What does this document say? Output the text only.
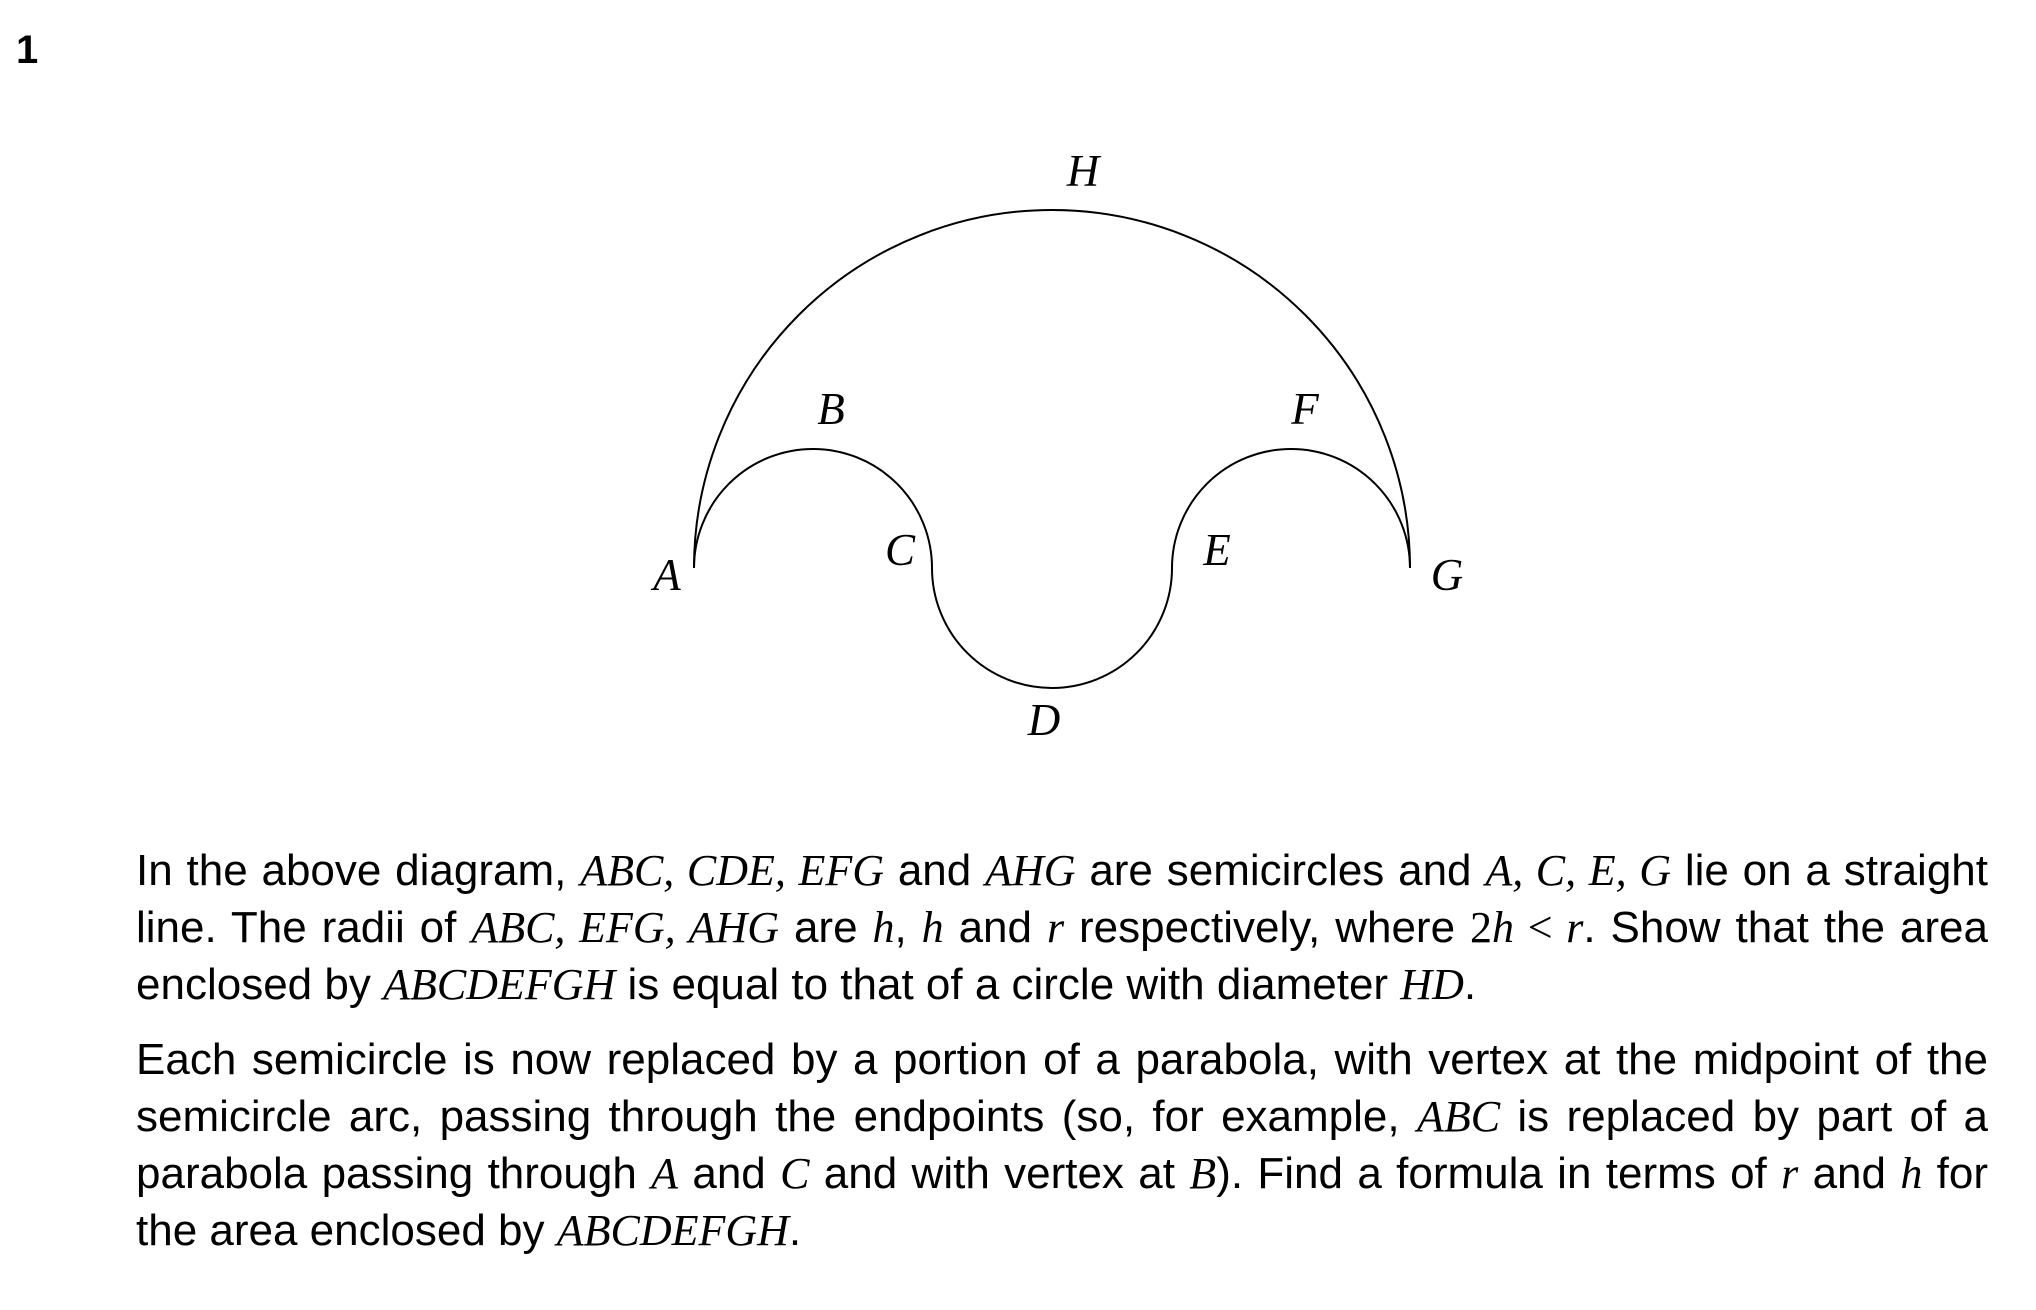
1
H
B	F
C	E
A	G
D

In the above diagram, ABC, CDE, EFG and AHG are semicircles and A, C, E, G lie on a straight line. The radii of ABC, EFG, AHG are h, h and r respectively, where 2h < r. Show that the area enclosed by ABCDEFGH is equal to that of a circle with diameter HD.

Each semicircle is now replaced by a portion of a parabola, with vertex at the midpoint of the semicircle arc, passing through the endpoints (so, for example, ABC is replaced by part of a parabola passing through A and C and with vertex at B). Find a formula in terms of r and h for the area enclosed by ABCDEFGH.
